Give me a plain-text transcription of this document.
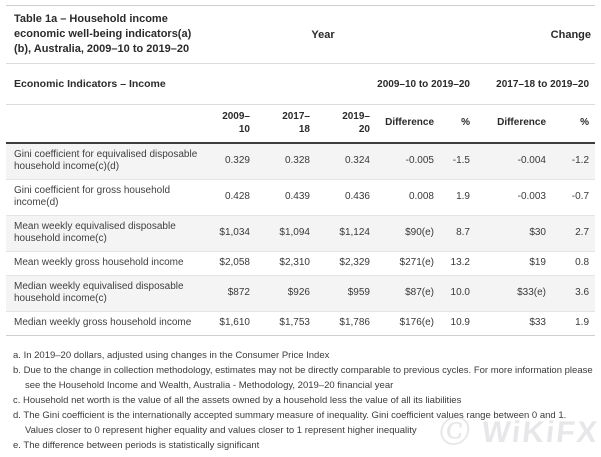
Table 1a – Household income
economic well-being indicators(a)
(b), Australia, 2009–10 to 2019–20	Year				Change		
Economic Indicators – Income				2009–10 to 2019–20		2017–18 to 2019–20	
	2009–10	2017–18	2019–20	Difference	%	Difference	%
Gini coefficient for equivalised disposable household income(c)(d)	0.329	0.328	0.324	-0.005	-1.5	-0.004	-1.2
Gini coefficient for gross household income(d)	0.428	0.439	0.436	0.008	1.9	-0.003	-0.7
Mean weekly equivalised disposable household income(c)	$1,034	$1,094	$1,124	$90(e)	8.7	$30	2.7
Mean weekly gross household income	$2,058	$2,310	$2,329	$271(e)	13.2	$19	0.8
Median weekly equivalised disposable household income(c)	$872	$926	$959	$87(e)	10.0	$33(e)	3.6
Median weekly gross household income	$1,610	$1,753	$1,786	$176(e)	10.9	$33	1.9
a. In 2019–20 dollars, adjusted using changes in the Consumer Price Index
b. Due to the change in collection methodology, estimates may not be directly comparable to previous cycles. For more information please see the Household Income and Wealth, Australia - Methodology, 2019–20 financial year
c. Household net worth is the value of all the assets owned by a household less the value of all its liabilities
d. The Gini coefficient is the internationally accepted summary measure of inequality. Gini coefficient values range between 0 and 1. Values closer to 0 represent higher equality and values closer to 1 represent higher inequality
e. The difference between periods is statistically significant	Ⓒ WiKiFX
